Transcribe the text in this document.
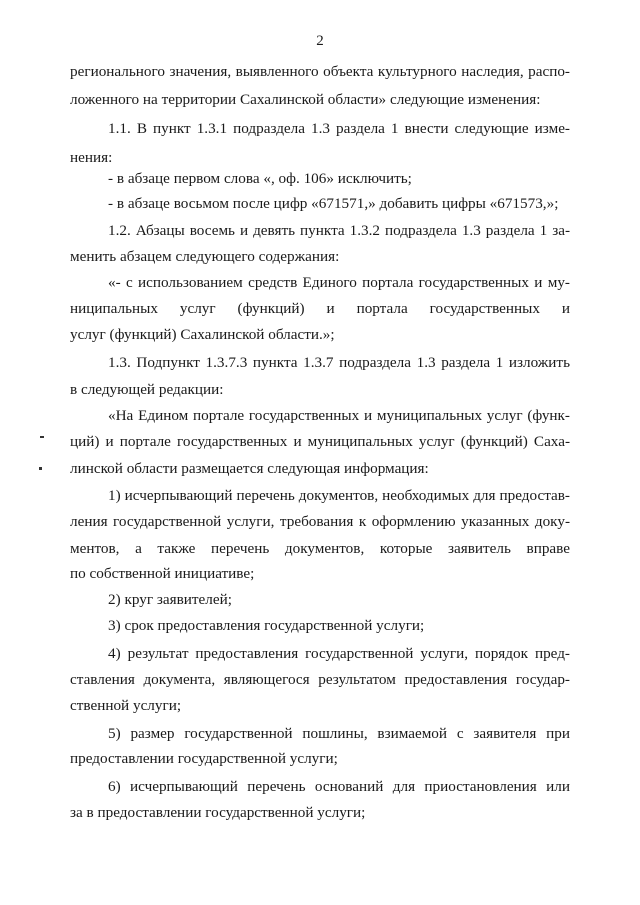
2
регионального значения, выявленного объекта культурного наследия, распо-
ложенного на территории Сахалинской области» следующие изменения:
1.1. В пункт 1.3.1 подраздела 1.3 раздела 1 внести следующие изме-
нения:
- в абзаце первом слова «, оф. 106» исключить;
- в абзаце восьмом после цифр «671571,» добавить цифры «671573,»;
1.2. Абзацы восемь и девять пункта 1.3.2 подраздела 1.3 раздела 1 за-
менить абзацем следующего содержания:
«- с использованием средств Единого портала государственных и му-
ниципальных услуг (функций) и портала государственных и
услуг (функций) Сахалинской области.»;
1.3. Подпункт 1.3.7.3 пункта 1.3.7 подраздела 1.3 раздела 1 изложить
в следующей редакции:
«На Едином портале государственных и муниципальных услуг (функ-
ций) и портале государственных и муниципальных услуг (функций) Саха-
линской области размещается следующая информация:
1) исчерпывающий перечень документов, необходимых для предостав-
ления государственной услуги, требования к оформлению указанных доку-
ментов, а также перечень документов, которые заявитель вправе
по собственной инициативе;
2) круг заявителей;
3) срок предоставления государственной услуги;
4) результат предоставления государственной услуги, порядок пред-
ставления документа, являющегося результатом предоставления государ-
ственной услуги;
5) размер государственной пошлины, взимаемой с заявителя при
предоставлении государственной услуги;
6) исчерпывающий перечень оснований для приостановления или
за в предоставлении государственной услуги;
